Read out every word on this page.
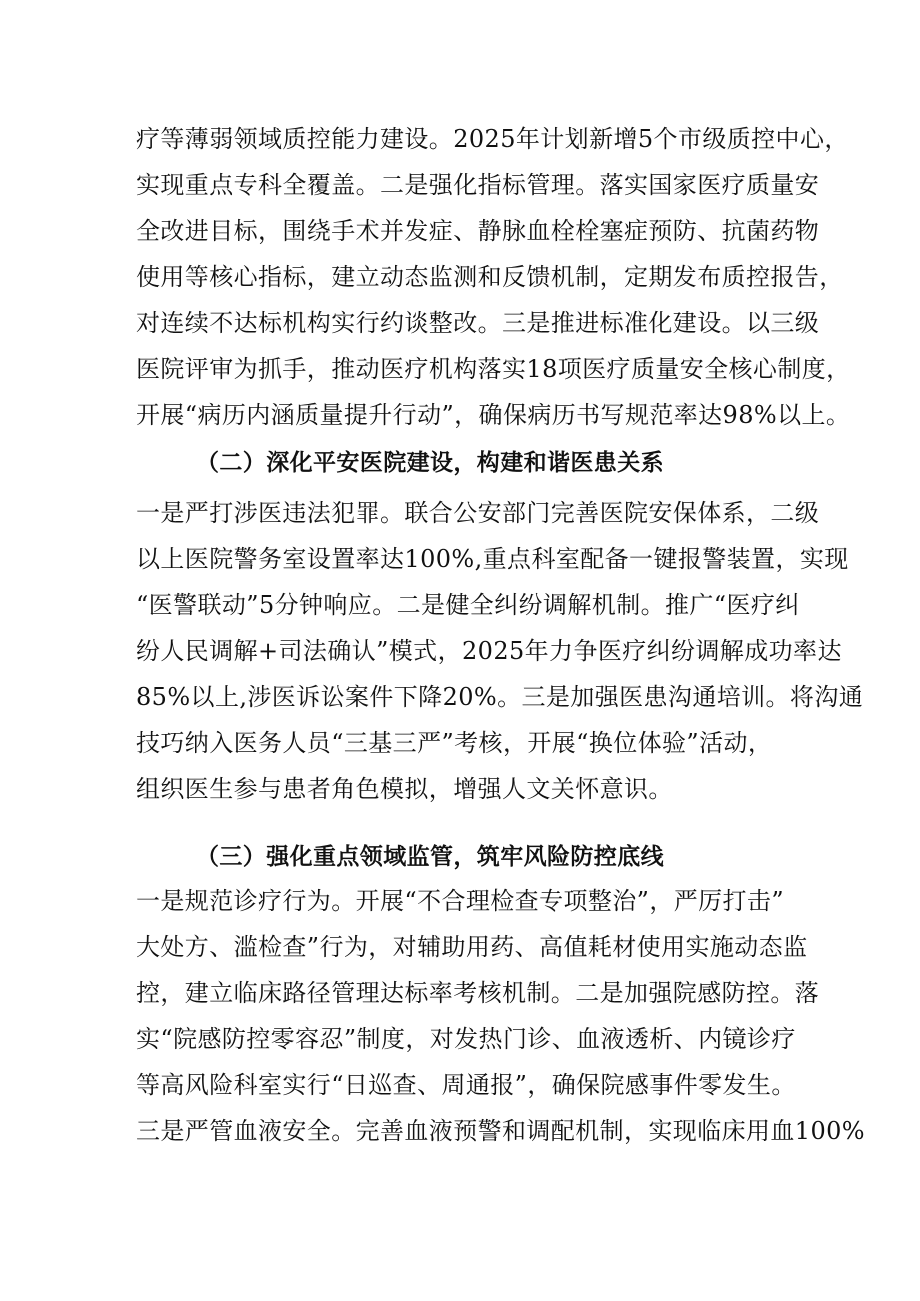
疗等薄弱领域质控能力建设。2025年计划新增5个市级质控中心，
实现重点专科全覆盖。二是强化指标管理。落实国家医疗质量安
全改进目标，围绕手术并发症、静脉血栓栓塞症预防、抗菌药物
使用等核心指标，建立动态监测和反馈机制，定期发布质控报告，
对连续不达标机构实行约谈整改。三是推进标准化建设。以三级
医院评审为抓手，推动医疗机构落实18项医疗质量安全核心制度，
开展“病历内涵质量提升行动”，确保病历书写规范率达98%以上。
（二）深化平安医院建设，构建和谐医患关系
一是严打涉医违法犯罪。联合公安部门完善医院安保体系，二级
以上医院警务室设置率达100%,重点科室配备一键报警装置，实现
“医警联动”5分钟响应。二是健全纠纷调解机制。推广“医疗纠
纷人民调解+司法确认”模式，2025年力争医疗纠纷调解成功率达
85%以上,涉医诉讼案件下降20%。三是加强医患沟通培训。将沟通
技巧纳入医务人员“三基三严”考核，开展“换位体验”活动，
组织医生参与患者角色模拟，增强人文关怀意识。
（三）强化重点领域监管，筑牢风险防控底线
一是规范诊疗行为。开展“不合理检查专项整治”，严厉打击”
大处方、滥检查”行为，对辅助用药、高值耗材使用实施动态监
控，建立临床路径管理达标率考核机制。二是加强院感防控。落
实“院感防控零容忍”制度，对发热门诊、血液透析、内镜诊疗
等高风险科室实行“日巡查、周通报”，确保院感事件零发生。
三是严管血液安全。完善血液预警和调配机制，实现临床用血100%
